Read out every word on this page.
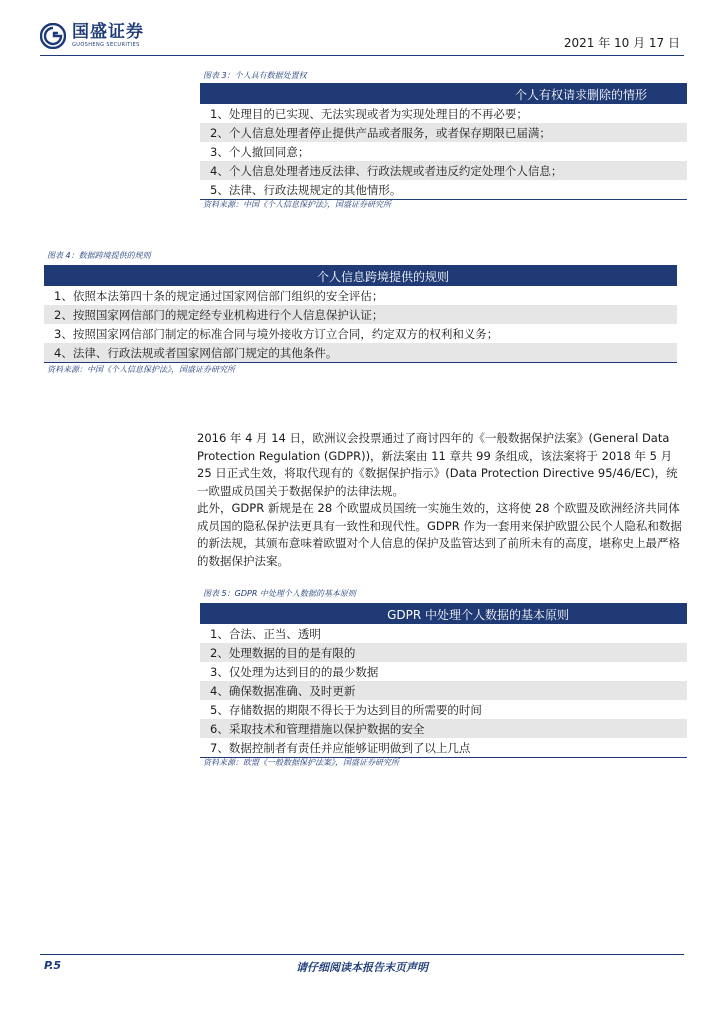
国盛证券
GUOSHENG SECURITIES	2021 年 10 月 17 日
图表 3：个人具有数据处置权
个人有权请求删除的情形
1、处理目的已实现、无法实现或者为实现处理目的不再必要；
2、个人信息处理者停止提供产品或者服务，或者保存期限已届满；
3、个人撤回同意；
4、个人信息处理者违反法律、行政法规或者违反约定处理个人信息；
5、法律、行政法规规定的其他情形。
资料来源：中国《个人信息保护法》，国盛证券研究所
图表 4：数据跨境提供的规则
个人信息跨境提供的规则
1、依照本法第四十条的规定通过国家网信部门组织的安全评估；
2、按照国家网信部门的规定经专业机构进行个人信息保护认证；
3、按照国家网信部门制定的标准合同与境外接收方订立合同，约定双方的权利和义务；
4、法律、行政法规或者国家网信部门规定的其他条件。
资料来源：中国《个人信息保护法》，国盛证券研究所
2016 年 4 月 14 日，欧洲议会投票通过了商讨四年的《一般数据保护法案》(General Data Protection Regulation (GDPR))，新法案由 11 章共 99 条组成，该法案将于 2018 年 5 月 25 日正式生效，将取代现有的《数据保护指示》(Data Protection Directive 95/46/EC)，统一欧盟成员国关于数据保护的法律法规。
此外，GDPR 新规是在 28 个欧盟成员国统一实施生效的，这将使 28 个欧盟及欧洲经济共同体成员国的隐私保护法更具有一致性和现代性。GDPR 作为一套用来保护欧盟公民个人隐私和数据的新法规，其颁布意味着欧盟对个人信息的保护及监管达到了前所未有的高度，堪称史上最严格的数据保护法案。
图表 5：GDPR 中处理个人数据的基本原则
GDPR 中处理个人数据的基本原则
1、合法、正当、透明
2、处理数据的目的是有限的
3、仅处理为达到目的的最少数据
4、确保数据准确、及时更新
5、存储数据的期限不得长于为达到目的所需要的时间
6、采取技术和管理措施以保护数据的安全
7、数据控制者有责任并应能够证明做到了以上几点
资料来源：欧盟《一般数据保护法案》，国盛证券研究所
P.5	请仔细阅读本报告末页声明
